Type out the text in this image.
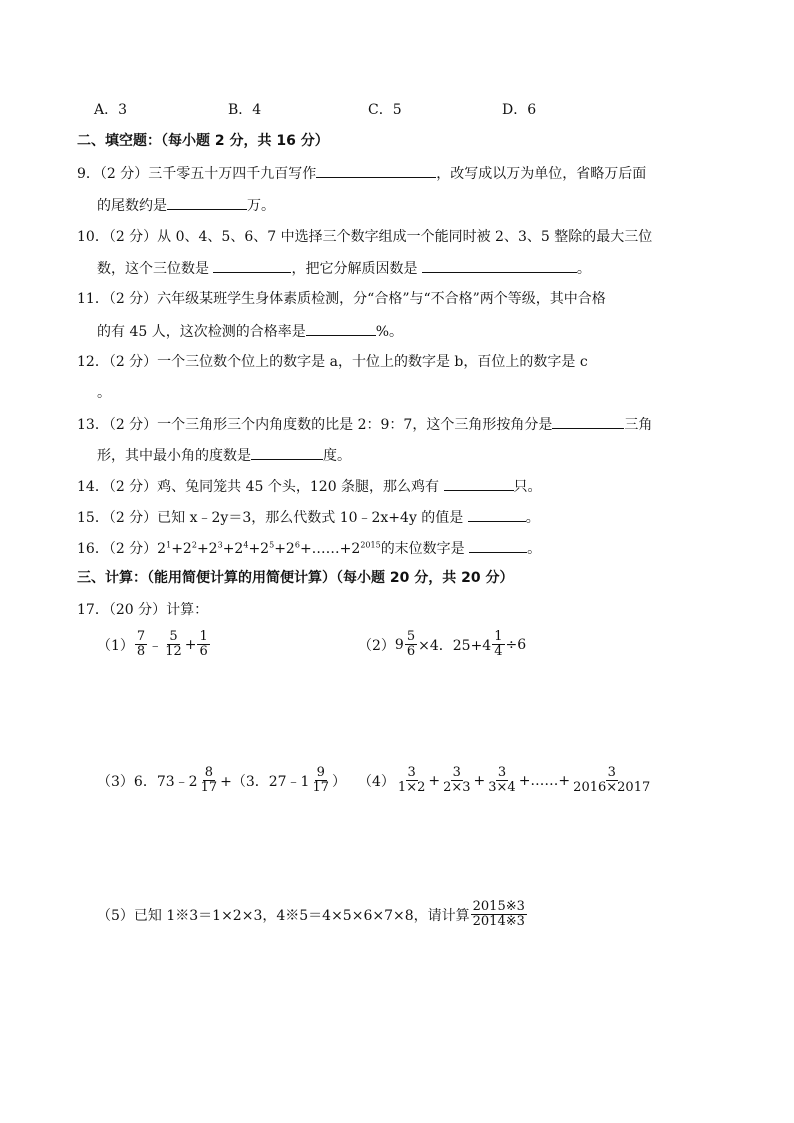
A．3	B．4	C．5	D．6
二、填空题：（每小题 2 分，共 16 分）
9．（2 分）三千零五十万四千九百写作	，改写成以万为单位，省略万后面
的尾数约是	万。
10．（2 分）从 0、4、5、6、7 中选择三个数字组成一个能同时被 2、3、5 整除的最大三位
数，这个三位数是	，把它分解质因数是	。
11．（2 分）六年级某班学生身体素质检测，分“合格”与“不合格”两个等级，其中合格
的有 45 人，这次检测的合格率是	%。
12．（2 分）一个三位数个位上的数字是 a，十位上的数字是 b，百位上的数字是 c
。
13．（2 分）一个三角形三个内角度数的比是 2：9：7，这个三角形按角分是	三角
形，其中最小角的度数是	度。
14．（2 分）鸡、兔同笼共 45 个头，120 条腿，那么鸡有	只。
15．（2 分）已知 x﹣2y＝3，那么代数式 10﹣2x+4y 的值是	。
16．（2 分）$2^1+2^2+2^3+2^4+2^5+2^6+\dots\dots+2^{2015}$的末位数字是	。
三、计算：（能用简便计算的用简便计算）（每小题 20 分，共 20 分）
17．（20 分）计算：
$(1) \frac{7}{8}$ ﹣ $\frac{5}{12} + \frac{1}{6}$	（2） $9 \frac{5}{6} \times 4$．$25+4 \frac{1}{4} \div 6$
（3） 6．73﹣2 $\frac{8}{17} +(3$．27﹣1 $\frac{9}{17}$ ） $(4) \frac{3}{1\times 2} + \frac{3}{2\times 3} + \frac{3}{3\times 4}$ +……+ $\frac{3}{2016\times 2017}$
（5）已知 1※3＝1×2×3，4※5＝4×5×6×7×8，请计算 $\frac{2015※3}{2014※3}$
